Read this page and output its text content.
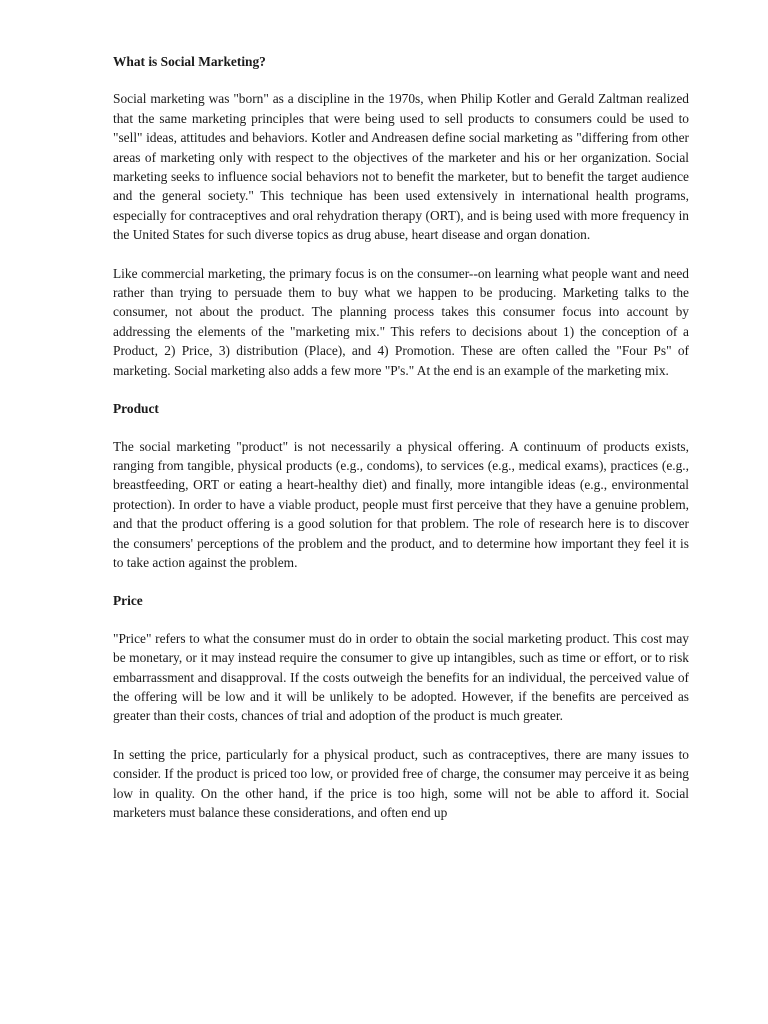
What is Social Marketing?

Social marketing was "born" as a discipline in the 1970s, when Philip Kotler and Gerald Zaltman realized that the same marketing principles that were being used to sell products to consumers could be used to "sell" ideas, attitudes and behaviors. Kotler and Andreasen define social marketing as "differing from other areas of marketing only with respect to the objectives of the marketer and his or her organization. Social marketing seeks to influence social behaviors not to benefit the marketer, but to benefit the target audience and the general society." This technique has been used extensively in international health programs, especially for contraceptives and oral rehydration therapy (ORT), and is being used with more frequency in the United States for such diverse topics as drug abuse, heart disease and organ donation.

Like commercial marketing, the primary focus is on the consumer--on learning what people want and need rather than trying to persuade them to buy what we happen to be producing. Marketing talks to the consumer, not about the product. The planning process takes this consumer focus into account by addressing the elements of the "marketing mix." This refers to decisions about 1) the conception of a Product, 2) Price, 3) distribution (Place), and 4) Promotion. These are often called the "Four Ps" of marketing. Social marketing also adds a few more "P's." At the end is an example of the marketing mix.

Product

The social marketing "product" is not necessarily a physical offering. A continuum of products exists, ranging from tangible, physical products (e.g., condoms), to services (e.g., medical exams), practices (e.g., breastfeeding, ORT or eating a heart-healthy diet) and finally, more intangible ideas (e.g., environmental protection). In order to have a viable product, people must first perceive that they have a genuine problem, and that the product offering is a good solution for that problem. The role of research here is to discover the consumers' perceptions of the problem and the product, and to determine how important they feel it is to take action against the problem.

Price

"Price" refers to what the consumer must do in order to obtain the social marketing product. This cost may be monetary, or it may instead require the consumer to give up intangibles, such as time or effort, or to risk embarrassment and disapproval. If the costs outweigh the benefits for an individual, the perceived value of the offering will be low and it will be unlikely to be adopted. However, if the benefits are perceived as greater than their costs, chances of trial and adoption of the product is much greater.

In setting the price, particularly for a physical product, such as contraceptives, there are many issues to consider. If the product is priced too low, or provided free of charge, the consumer may perceive it as being low in quality. On the other hand, if the price is too high, some will not be able to afford it. Social marketers must balance these considerations, and often end up
